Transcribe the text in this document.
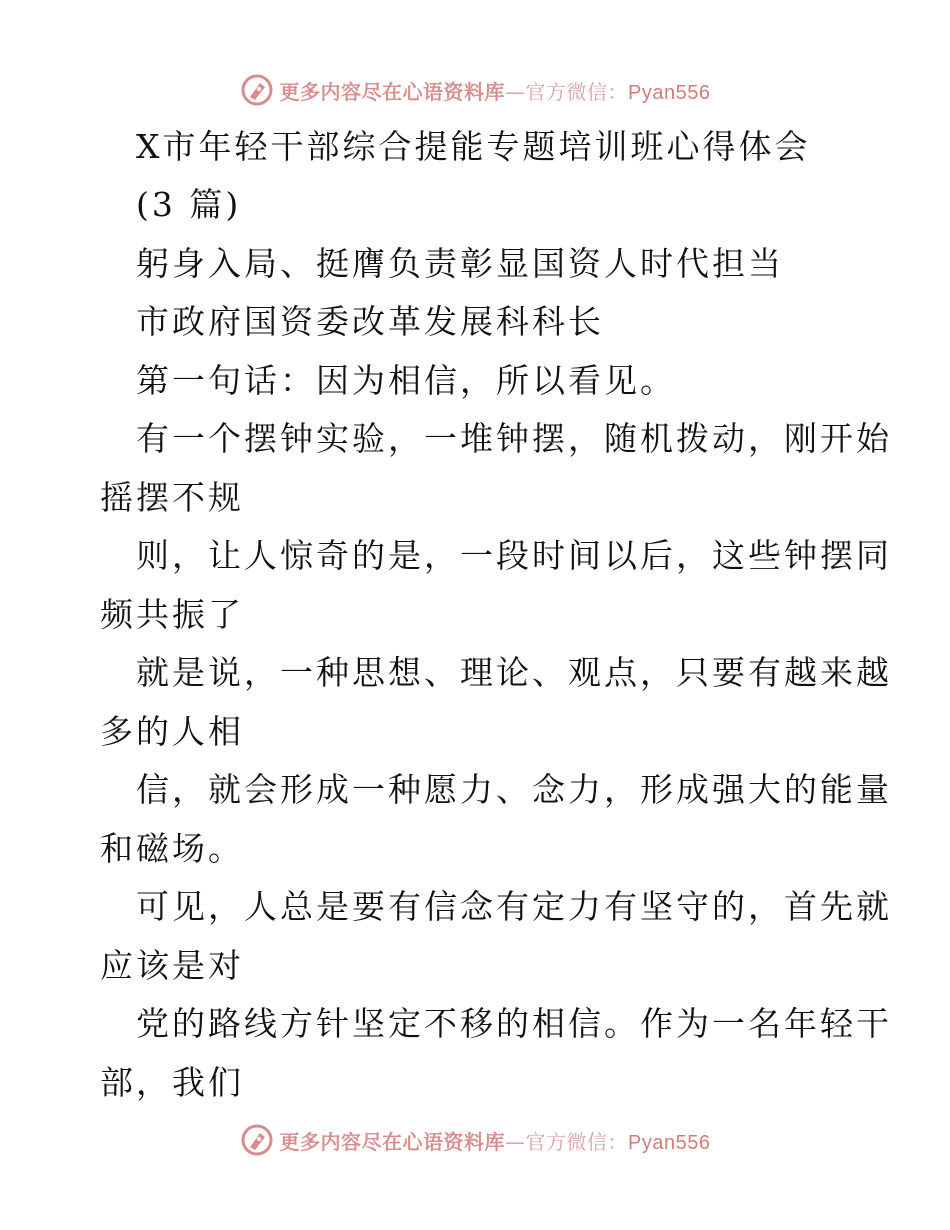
更多内容尽在心语资料库—官方微信：Pyan556
X市年轻干部综合提能专题培训班心得体会
(3 篇)
躬身入局、挺膺负责彰显国资人时代担当
市政府国资委改革发展科科长
第一句话：因为相信，所以看见。
有一个摆钟实验，一堆钟摆，随机拨动，刚开始
摇摆不规
则，让人惊奇的是，一段时间以后，这些钟摆同
频共振了
就是说，一种思想、理论、观点，只要有越来越
多的人相
信，就会形成一种愿力、念力，形成强大的能量
和磁场。
可见，人总是要有信念有定力有坚守的，首先就
应该是对
党的路线方针坚定不移的相信。作为一名年轻干
部，我们
更多内容尽在心语资料库—官方微信：Pyan556
